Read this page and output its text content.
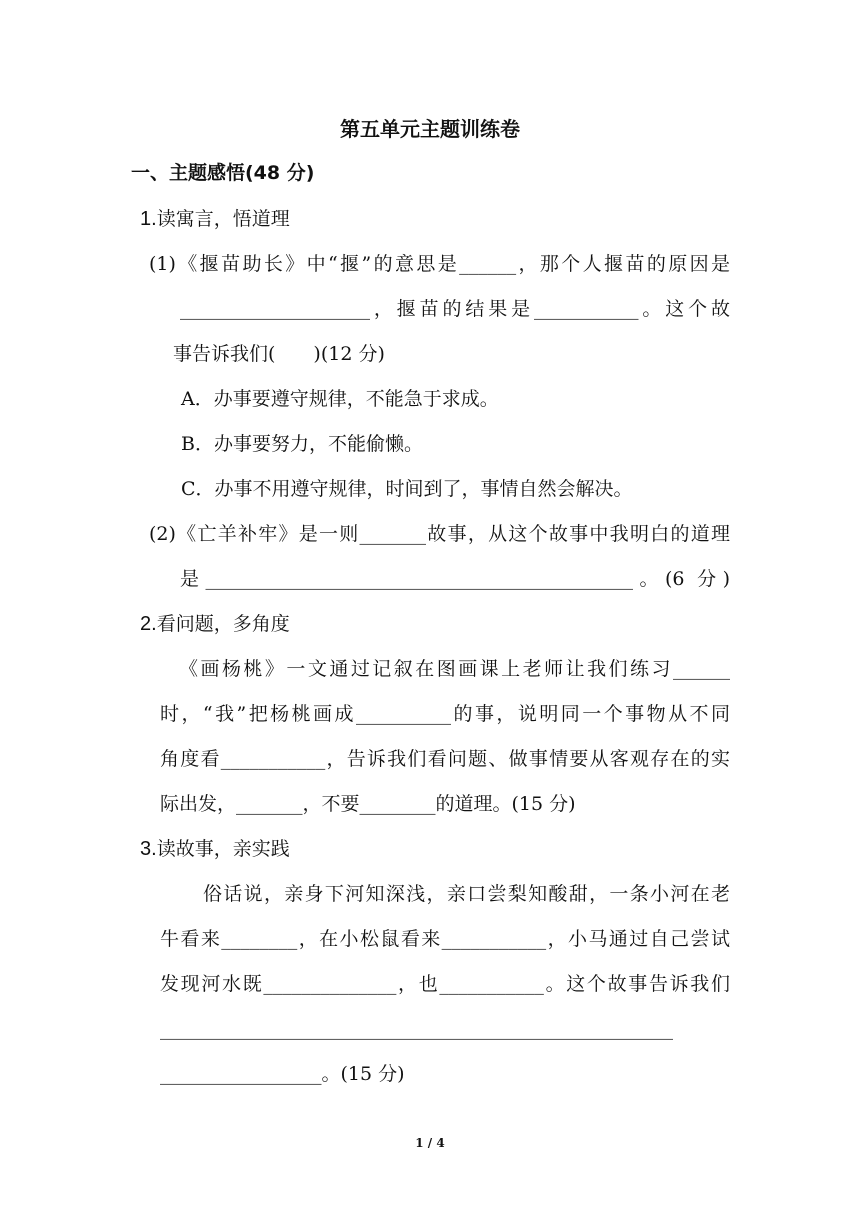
第五单元主题训练卷
一、主题感悟(48 分)
1.读寓言，悟道理
(1)《揠苗助长》中“揠”的意思是______，那个人揠苗的原因是
____________________，揠苗的结果是___________。这个故
事告诉我们(　　)(12 分)
A．办事要遵守规律，不能急于求成。
B．办事要努力，不能偷懒。
C．办事不用遵守规律，时间到了，事情自然会解决。
(2)《亡羊补牢》是一则_______故事，从这个故事中我明白的道理
是_____________________________________________。(6 分)
2.看问题，多角度
《画杨桃》一文通过记叙在图画课上老师让我们练习______
时，“我”把杨桃画成__________的事，说明同一个事物从不同
角度看___________，告诉我们看问题、做事情要从客观存在的实
际出发，_______，不要________的道理。(15 分)
3.读故事，亲实践
俗话说，亲身下河知深浅，亲口尝梨知酸甜，一条小河在老
牛看来________，在小松鼠看来___________，小马通过自己尝试
发现河水既______________，也___________。这个故事告诉我们
______________________________________________________
_________________。(15 分)
1 / 4
